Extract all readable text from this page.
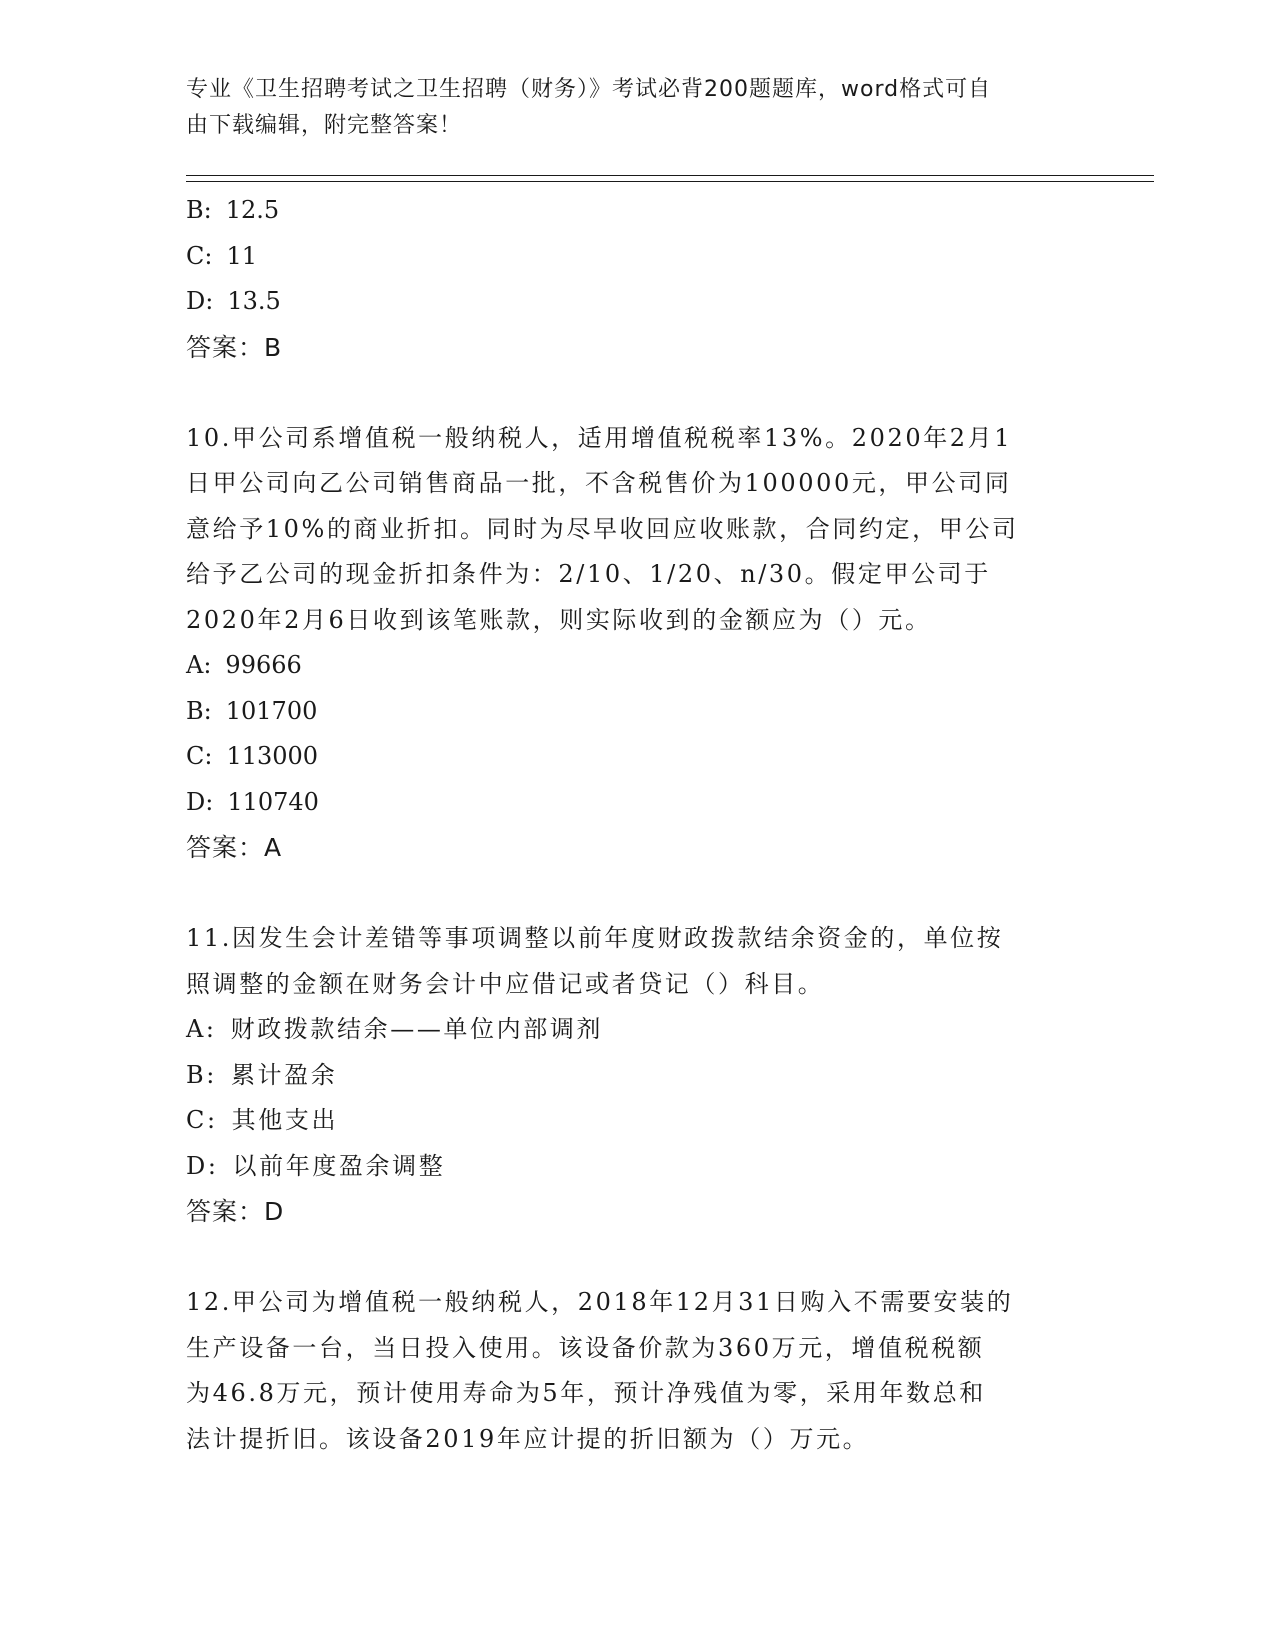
专业《卫生招聘考试之卫生招聘（财务）》考试必背200题题库，word格式可自
由下载编辑，附完整答案！
B: 12.5
C: 11
D: 13.5
答案：B
10.甲公司系增值税一般纳税人，适用增值税税率13%。2020年2月1
日甲公司向乙公司销售商品一批，不含税售价为100000元，甲公司同
意给予10%的商业折扣。同时为尽早收回应收账款，合同约定，甲公司
给予乙公司的现金折扣条件为：2/10、1/20、n/30。假定甲公司于
2020年2月6日收到该笔账款，则实际收到的金额应为（）元。
A: 99666
B: 101700
C: 113000
D: 110740
答案：A
11.因发生会计差错等事项调整以前年度财政拨款结余资金的，单位按
照调整的金额在财务会计中应借记或者贷记（）科目。
A: 财政拨款结余——单位内部调剂
B: 累计盈余
C: 其他支出
D: 以前年度盈余调整
答案：D
12.甲公司为增值税一般纳税人，2018年12月31日购入不需要安装的
生产设备一台，当日投入使用。该设备价款为360万元，增值税税额
为46.8万元，预计使用寿命为5年，预计净残值为零，采用年数总和
法计提折旧。该设备2019年应计提的折旧额为（）万元。
